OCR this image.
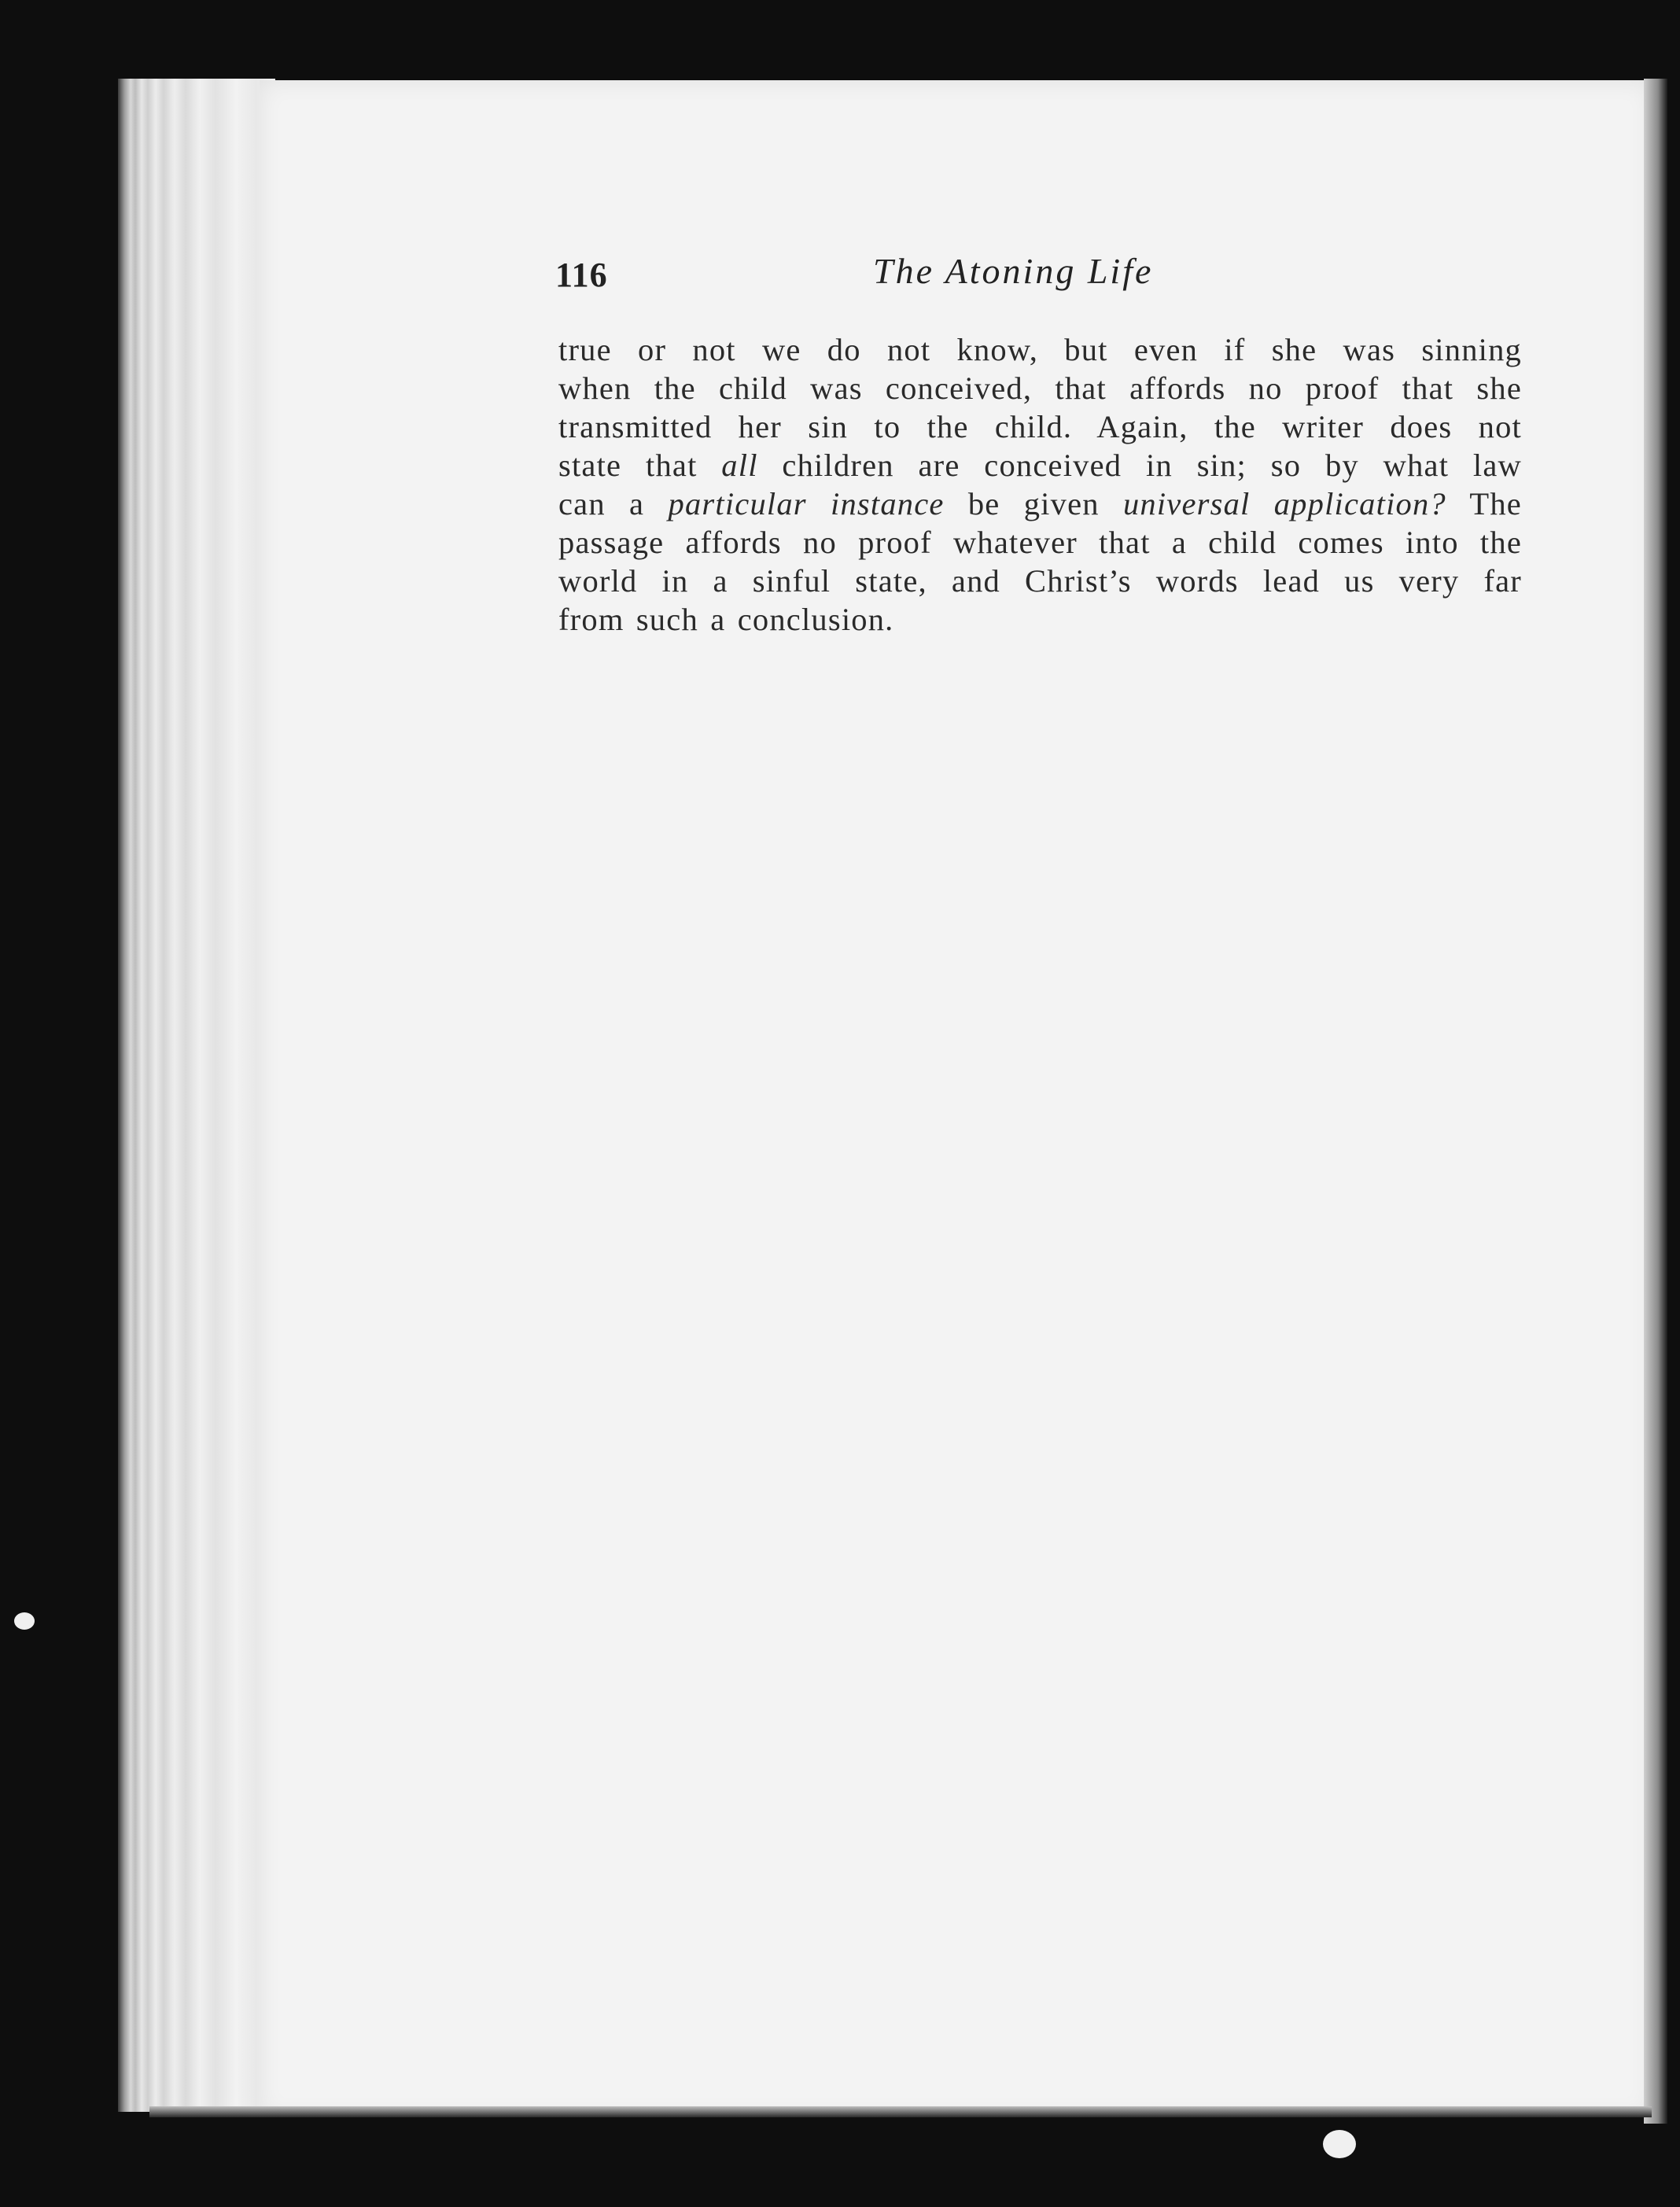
116	The Atoning Life
true or not we do not know, but even if she was sinning
when the child was conceived, that affords no proof that she
transmitted her sin to the child. Again, the writer does not
state that all children are conceived in sin; so by what law
can a particular instance be given universal application? The
passage affords no proof whatever that a child comes into the
world in a sinful state, and Christ’s words lead us very far
from such a conclusion.
